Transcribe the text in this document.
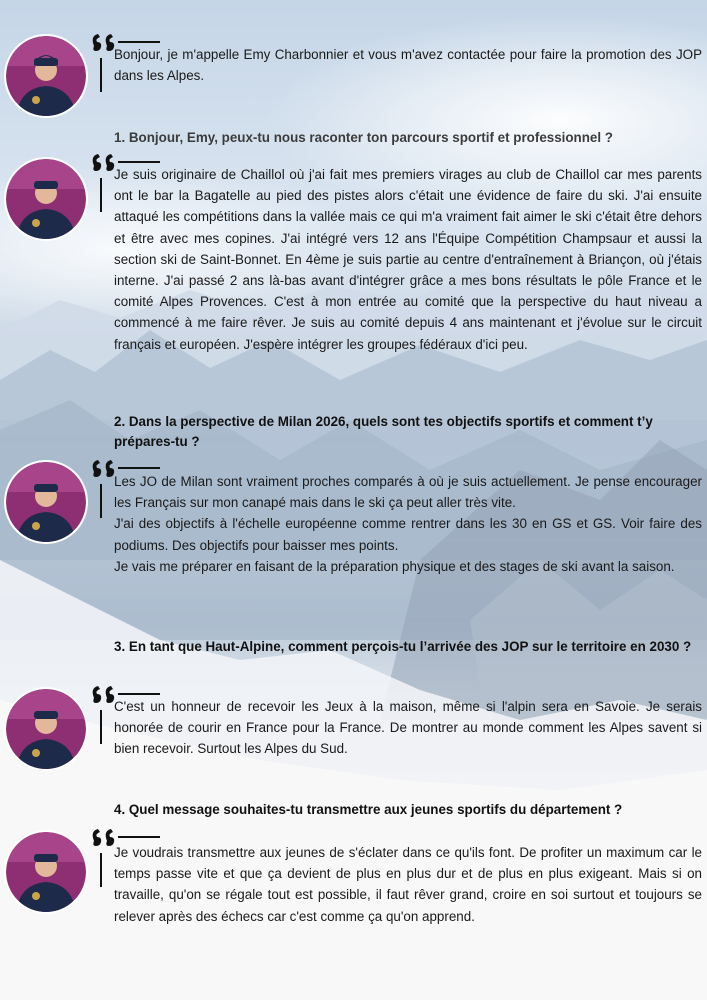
Bonjour, je m'appelle Emy Charbonnier et vous m'avez contactée pour faire la promotion des JOP dans les Alpes.
1. Bonjour, Emy, peux-tu nous raconter ton parcours sportif et professionnel ?
Je suis originaire de Chaillol où j'ai fait mes premiers virages au club de Chaillol car mes parents ont le bar la Bagatelle au pied des pistes alors c'était une évidence de faire du ski. J'ai ensuite attaqué les compétitions dans la vallée mais ce qui m'a vraiment fait aimer le ski c'était être dehors et être avec mes copines. J'ai intégré vers 12 ans l'Équipe Compétition Champsaur et aussi la section ski de Saint-Bonnet. En 4ème je suis partie au centre d'entraînement à Briançon, où j'étais interne. J'ai passé 2 ans là-bas avant d'intégrer grâce a mes bons résultats le pôle France et le comité Alpes Provences. C'est à mon entrée au comité que la perspective du haut niveau a commencé à me faire rêver. Je suis au comité depuis 4 ans maintenant et j'évolue sur le circuit français et européen. J'espère intégrer les groupes fédéraux d'ici peu.
2. Dans la perspective de Milan 2026, quels sont tes objectifs sportifs et comment t’y prépares-tu ?
Les JO de Milan sont vraiment proches comparés à où je suis actuellement. Je pense encourager les Français sur mon canapé mais dans le ski ça peut aller très vite.
J'ai des objectifs à l'échelle européenne comme rentrer dans les 30 en GS et GS. Voir faire des podiums. Des objectifs pour baisser mes points.
Je vais me préparer en faisant de la préparation physique et des stages de ski avant la saison.
3. En tant que Haut-Alpine, comment perçois-tu l’arrivée des JOP sur le territoire en 2030 ?
C'est un honneur de recevoir les Jeux à la maison, même si l'alpin sera en Savoie. Je serais honorée de courir en France pour la France. De montrer au monde comment les Alpes savent si bien recevoir. Surtout les Alpes du Sud.
4. Quel message souhaites-tu transmettre aux jeunes sportifs du département ?
Je voudrais transmettre aux jeunes de s'éclater dans ce qu'ils font. De profiter un maximum car le temps passe vite et que ça devient de plus en plus dur et de plus en plus exigeant. Mais si on travaille, qu'on se régale tout est possible, il faut rêver grand, croire en soi surtout et toujours se relever après des échecs car c'est comme ça qu'on apprend.
